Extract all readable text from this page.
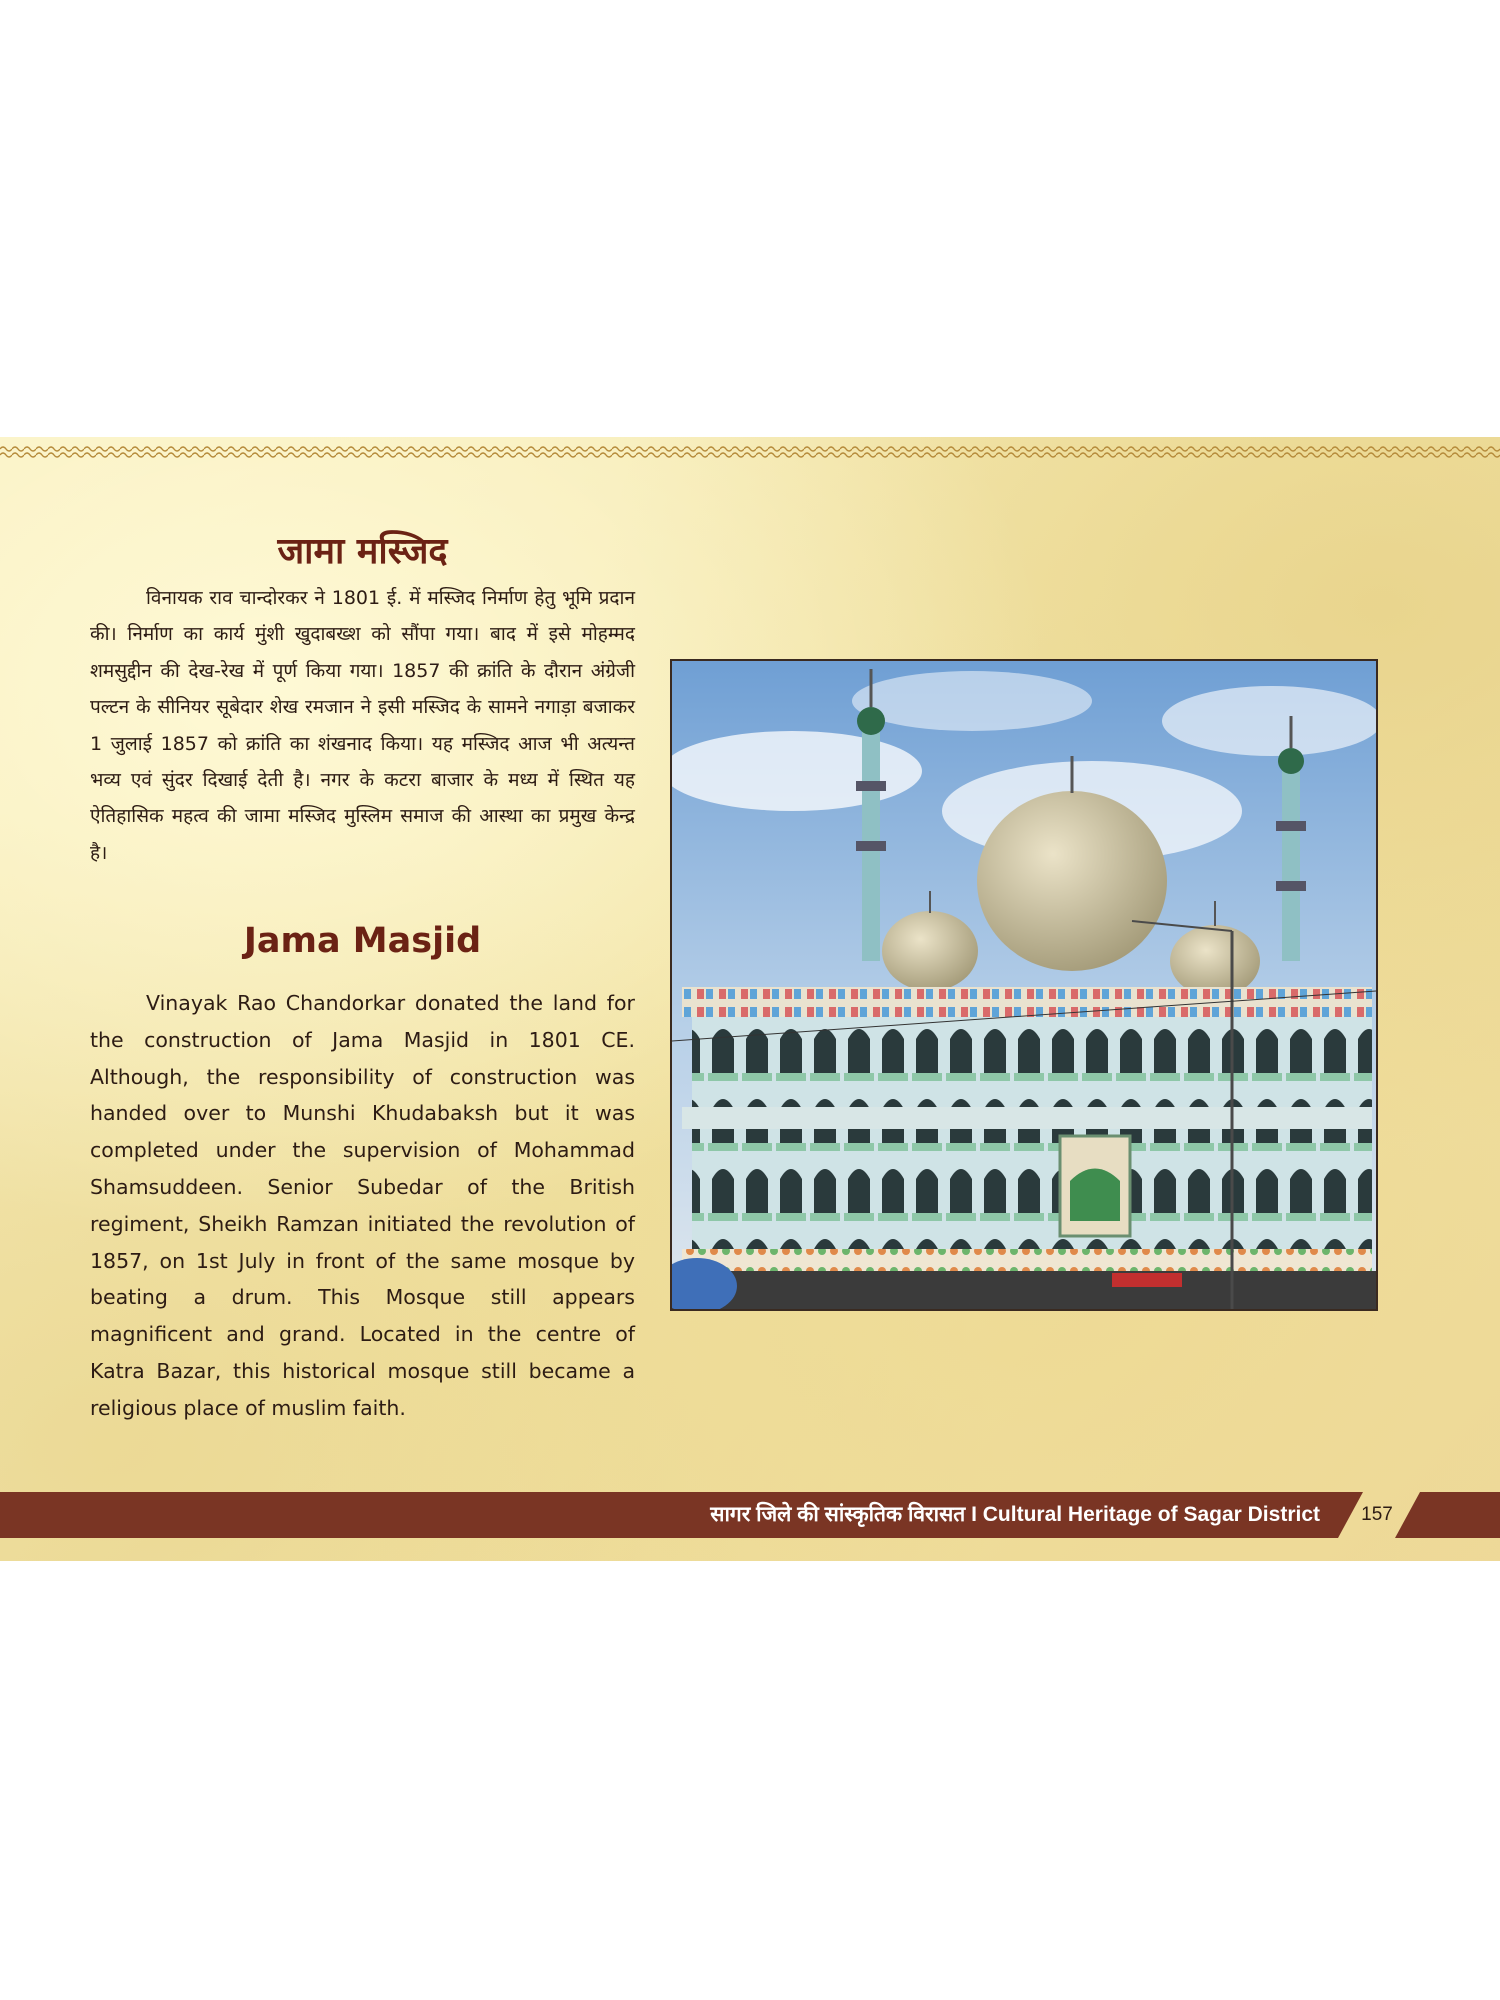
जामा मस्जिद

विनायक राव चान्दोरकर ने 1801 ई. में मस्जिद निर्माण हेतु भूमि प्रदान की। निर्माण का कार्य मुंशी खुदाबख्श को सौंपा गया। बाद में इसे मोहम्मद शमसुद्दीन की देख-रेख में पूर्ण किया गया। 1857 की क्रांति के दौरान अंग्रेजी पल्टन के सीनियर सूबेदार शेख रमजान ने इसी मस्जिद के सामने नगाड़ा बजाकर 1 जुलाई 1857 को क्रांति का शंखनाद किया। यह मस्जिद आज भी अत्यन्त भव्य एवं सुंदर दिखाई देती है। नगर के कटरा बाजार के मध्य में स्थित यह ऐतिहासिक महत्व की जामा मस्जिद मुस्लिम समाज की आस्था का प्रमुख केन्द्र है।

Jama Masjid

Vinayak Rao Chandorkar donated the land for the construction of Jama Masjid in 1801 CE. Although, the responsibility of construction was handed over to Munshi Khudabaksh but it was completed under the supervision of Mohammad Shamsuddeen. Senior Subedar of the British regiment, Sheikh Ramzan initiated the revolution of 1857, on 1st July in front of the same mosque by beating a drum. This Mosque still appears magnificent and grand. Located in the centre of Katra Bazar, this historical mosque still became a religious place of muslim faith.

सागर जिले की सांस्कृतिक विरासत I Cultural Heritage of Sagar District	157
